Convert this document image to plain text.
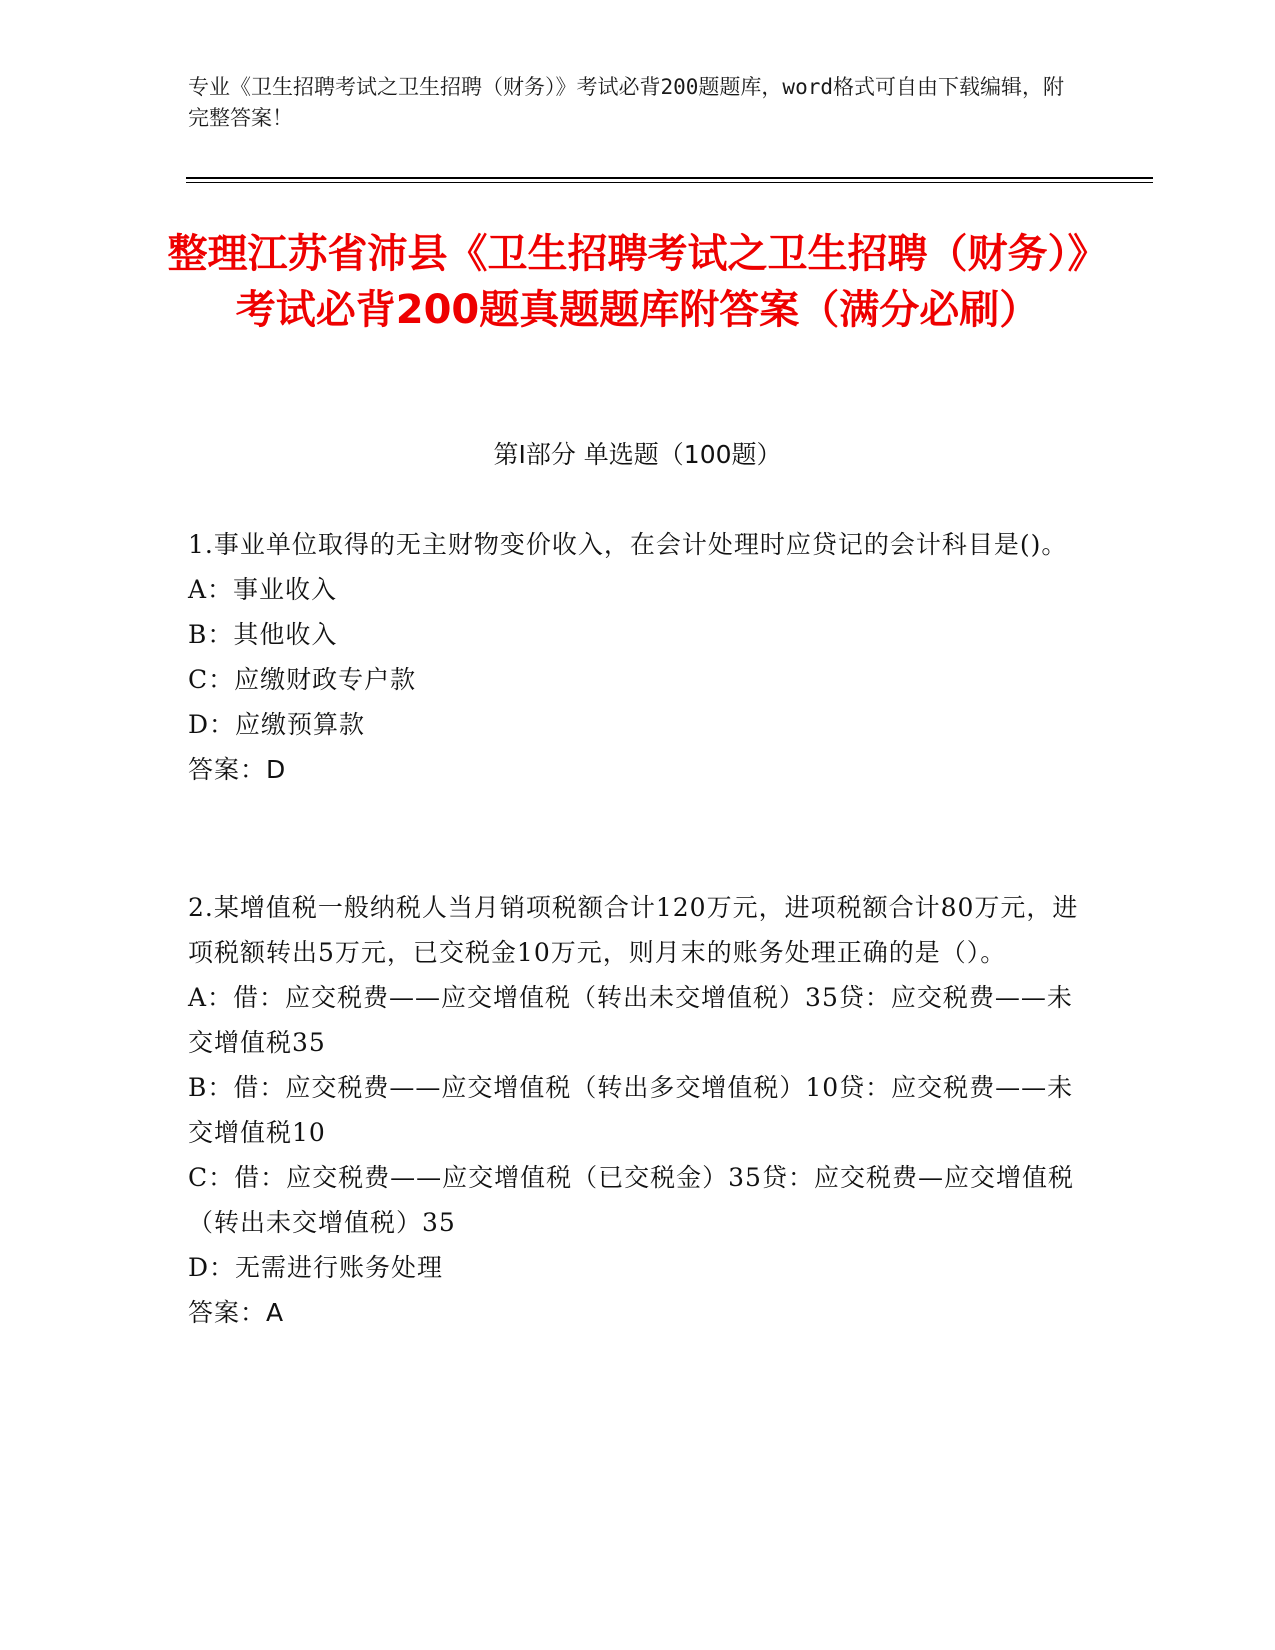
专业《卫生招聘考试之卫生招聘（财务）》考试必背200题题库，word格式可自由下载编辑，附完整答案！
整理江苏省沛县《卫生招聘考试之卫生招聘（财务）》考试必背200题真题题库附答案（满分必刷）
第I部分 单选题（100题）

1.事业单位取得的无主财物变价收入，在会计处理时应贷记的会计科目是()。

A：事业收入

B：其他收入

C：应缴财政专户款

D：应缴预算款

答案：D

2.某增值税一般纳税人当月销项税额合计120万元，进项税额合计80万元，进项税额转出5万元，已交税金10万元，则月末的账务处理正确的是（）。

A：借：应交税费——应交增值税（转出未交增值税）35贷：应交税费——未交增值税35

B：借：应交税费——应交增值税（转出多交增值税）10贷：应交税费——未交增值税10

C：借：应交税费——应交增值税（已交税金）35贷：应交税费—应交增值税（转出未交增值税）35

D：无需进行账务处理

答案：A
